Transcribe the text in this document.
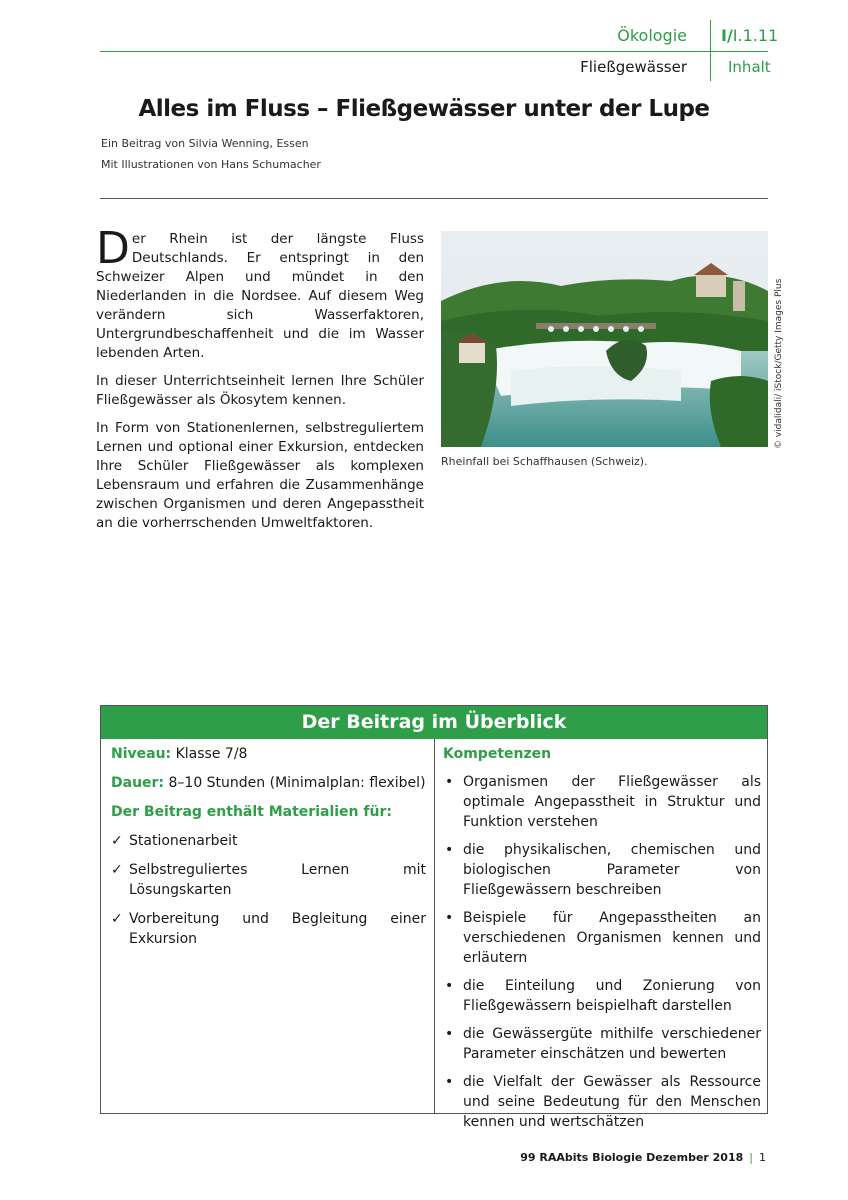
Ökologie I/I.1.11
Fließgewässer	Inhalt
Alles im Fluss – Fließgewässer unter der Lupe
Ein Beitrag von Silvia Wenning, Essen
Mit Illustrationen von Hans Schumacher

Der Rhein ist der längste Fluss Deutschlands. Er entspringt in den Schweizer Alpen und mündet in den Niederlanden in die Nordsee. Auf diesem Weg verändern sich Wasserfaktoren, Untergrundbeschaffenheit und die im Wasser lebenden Arten.

In dieser Unterrichtseinheit lernen Ihre Schüler Fließgewässer als Ökosytem kennen.

In Form von Stationenlernen, selbstreguliertem Lernen und optional einer Exkursion, entdecken Ihre Schüler Fließgewässer als komplexen Lebensraum und erfahren die Zusammenhänge zwischen Organismen und deren Angepasstheit an die vorherrschenden Umweltfaktoren.

© vidalidali/ iStock/Getty Images Plus
Rheinfall bei Schaffhausen (Schweiz).
Der Beitrag im Überblick
Niveau: Klasse 7/8
Dauer: 8–10 Stunden (Minimalplan: flexibel)
Der Beitrag enthält Materialien für:
✓ Stationenarbeit
✓ Selbstreguliertes Lernen mit Lösungskarten
✓ Vorbereitung und Begleitung einer Exkursion
Kompetenzen
• Organismen der Fließgewässer als optimale Angepasstheit in Struktur und Funktion verstehen
• die physikalischen, chemischen und biologischen Parameter von Fließgewässern beschreiben
• Beispiele für Angepasstheiten an verschiedenen Organismen kennen und erläutern
• die Einteilung und Zonierung von Fließgewässern beispielhaft darstellen
• die Gewässergüte mithilfe verschiedener Parameter einschätzen und bewerten
• die Vielfalt der Gewässer als Ressource und seine Bedeutung für den Menschen kennen und wertschätzen
99 RAAbits Biologie Dezember 2018 | 1
